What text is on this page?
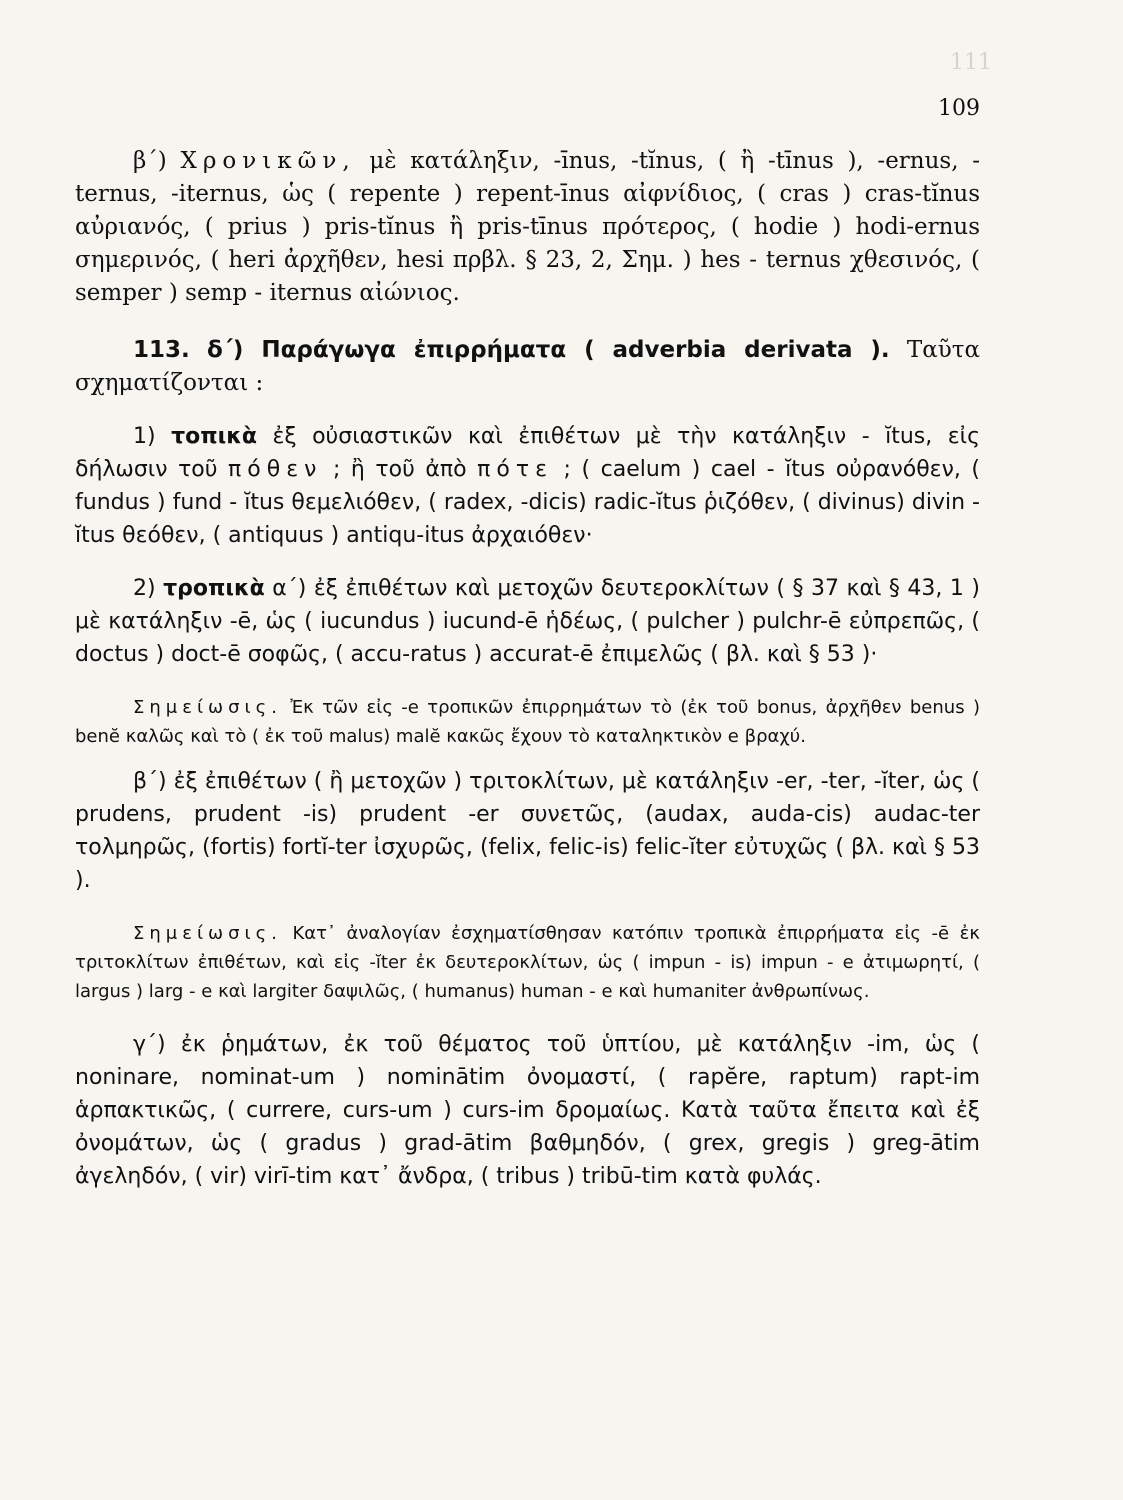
111
109

β΄) Χρονικῶν, μὲ κατάληξιν, -īnus, -tĭnus, ( ἢ -tīnus ), -ernus, -ternus, -iternus, ὡς ( repente ) repent-īnus αἰφνίδιος, ( cras ) cras-tĭnus αὐριανός, ( prius ) pris-tĭnus ἢ pris-tīnus πρότερος, ( hodie ) hodi-ernus σημερινός, ( heri ἀρχῆθεν, hesi πρβλ. § 23, 2, Σημ. ) hes - ternus χθεσινός, ( semper ) semp - iternus αἰώνιος.

113. δ΄) Παράγωγα ἐπιρρήματα ( adverbia derivata ). Ταῦτα σχηματίζονται :

1) τοπικὰ ἐξ οὐσιαστικῶν καὶ ἐπιθέτων μὲ τὴν κατάληξιν - ĭtus, εἰς δήλωσιν τοῦ πόθεν ; ἢ τοῦ ἀπὸ πότε ; ( caelum ) cael - ĭtus οὐρανόθεν, ( fundus ) fund - ĭtus θεμελιόθεν, ( radex, -dicis) radic-ĭtus ῥιζόθεν, ( divinus) divin - ĭtus θεόθεν, ( antiquus ) antiqu-itus ἀρχαιόθεν·

2) τροπικὰ α΄) ἐξ ἐπιθέτων καὶ μετοχῶν δευτεροκλίτων ( § 37 καὶ § 43, 1 ) μὲ κατάληξιν -ē, ὡς ( iucundus ) iucund-ē ἡδέως, ( pulcher ) pulchr-ē εὐπρεπῶς, ( doctus ) doct-ē σοφῶς, ( accu-ratus ) accurat-ē ἐπιμελῶς ( βλ. καὶ § 53 )·

Σημείωσις. Ἐκ τῶν εἰς -e τροπικῶν ἐπιρρημάτων τὸ (ἐκ τοῦ bonus, ἀρχῆθεν benus ) benĕ καλῶς καὶ τὸ ( ἐκ τοῦ malus) malĕ κακῶς ἔχουν τὸ καταληκτικὸν e βραχύ.

β΄) ἐξ ἐπιθέτων ( ἢ μετοχῶν ) τριτοκλίτων, μὲ κατάληξιν -er, -ter, -ĭter, ὡς ( prudens, prudent -is) prudent -er συνετῶς, (audax, auda-cis) audac-ter τολμηρῶς, (fortis) fortĭ-ter ἰσχυρῶς, (felix, felic-is) felic-ĭter εὐτυχῶς ( βλ. καὶ § 53 ).

Σημείωσις. Κατ᾽ ἀναλογίαν ἐσχηματίσθησαν κατόπιν τροπικὰ ἐπιρρήματα εἰς -ē ἐκ τριτοκλίτων ἐπιθέτων, καὶ εἰς -ĭter ἐκ δευτεροκλίτων, ὡς ( impun - is) impun - e ἀτιμωρητί, ( largus ) larg - e καὶ largiter δαψιλῶς, ( humanus) human - e καὶ humaniter ἀνθρωπίνως.

γ΄) ἐκ ῥημάτων, ἐκ τοῦ θέματος τοῦ ὑπτίου, μὲ κατάληξιν -im, ὡς ( noninare, nominat-um ) nominātim ὀνομαστί, ( rapĕre, raptum) rapt-im ἁρπακτικῶς, ( currere, curs-um ) curs-im δρομαίως. Κατὰ ταῦτα ἔπειτα καὶ ἐξ ὀνομάτων, ὡς ( gradus ) grad-ātim βαθμηδόν, ( grex, gregis ) greg-ātim ἀγεληδόν, ( vir) virī-tim κατ᾽ ἄνδρα, ( tribus ) tribū-tim κατὰ φυλάς.
